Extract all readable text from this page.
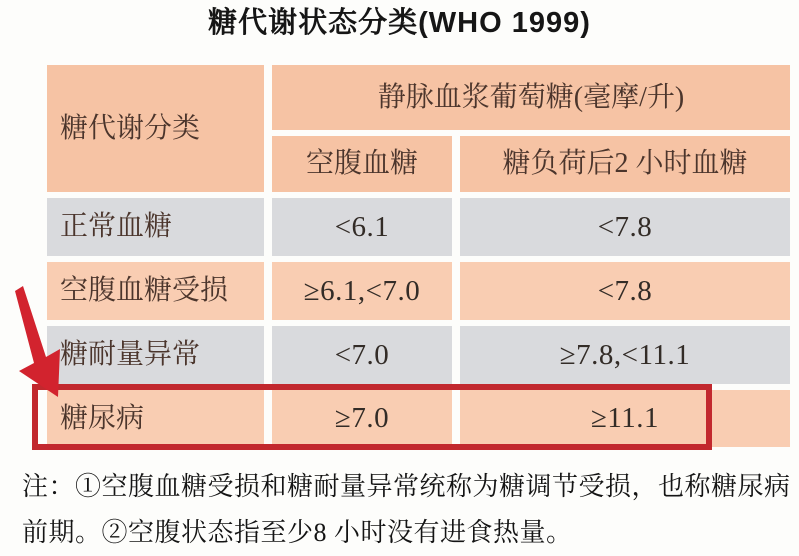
糖代谢状态分类(WHO 1999)
糖代谢分类
静脉血浆葡萄糖(毫摩/升)
空腹血糖	糖负荷后2 小时血糖
正常血糖	<6.1	<7.8
空腹血糖受损	≥6.1,<7.0	<7.8
糖耐量异常	<7.0	≥7.8,<11.1
糖尿病	≥7.0	≥11.1
注：①空腹血糖受损和糖耐量异常统称为糖调节受损，也称糖尿病
前期。②空腹状态指至少8 小时没有进食热量。
